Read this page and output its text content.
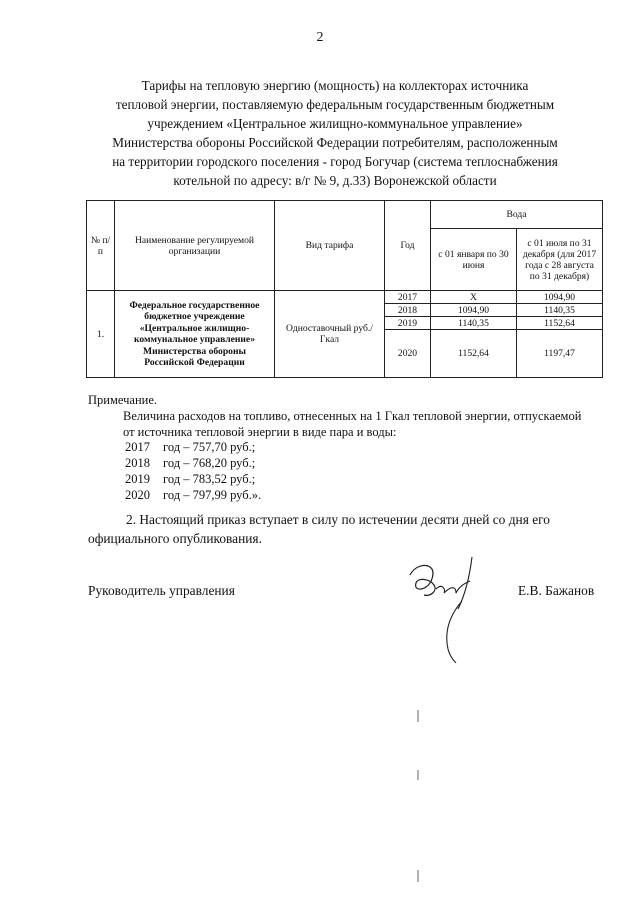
2
Тарифы на тепловую энергию (мощность) на коллекторах источника
тепловой энергии, поставляемую федеральным государственным бюджетным
учреждением «Центральное жилищно-коммунальное управление»
Министерства обороны Российской Федерации потребителям, расположенным
на территории городского поселения - город Богучар (система теплоснабжения
котельной по адресу: в/г № 9, д.33) Воронежской области
№ п/п	Наименование регулируемой организации	Вид тарифа	Год	Вода	
				с 01 января по 30 июня	с 01 июля по 31 декабря (для 2017 года с 28 августа по 31 декабря)
1.	Федеральное государственное бюджетное учреждение «Центральное жилищно-коммунальное управление» Министерства обороны Российской Федерации	Одноставочный руб./Гкал	2017	X	1094,90
			2018	1094,90	1140,35
			2019	1140,35	1152,64
			2020	1152,64	1197,47
Примечание.
Величина расходов на топливо, отнесенных на 1 Гкал тепловой энергии, отпускаемой
от источника тепловой энергии в виде пара и воды:
2017 год – 757,70 руб.;
2018 год – 768,20 руб.;
2019 год – 783,52 руб.;
2020 год – 797,99 руб.».
2. Настоящий приказ вступает в силу по истечении десяти дней со дня его
официального опубликования.
Руководитель управления	Е.В. Бажанов
